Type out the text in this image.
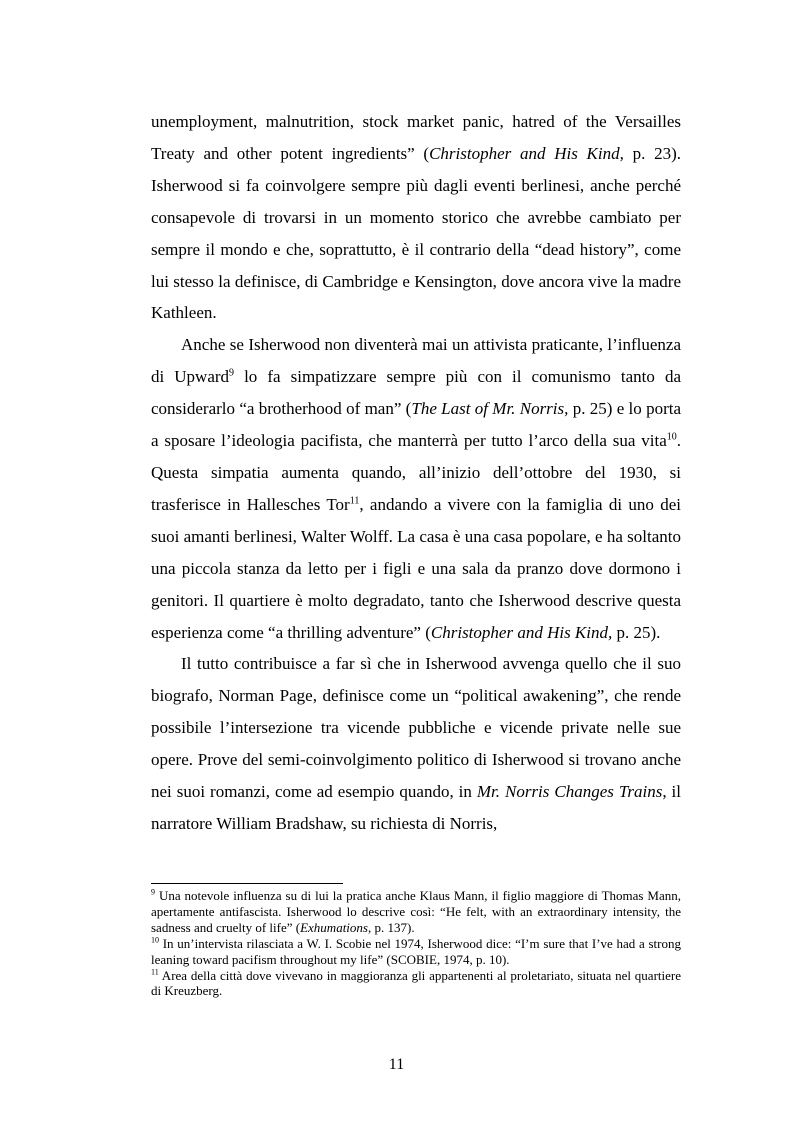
unemployment, malnutrition, stock market panic, hatred of the Versailles Treaty and other potent ingredients” (Christopher and His Kind, p. 23). Isherwood si fa coinvolgere sempre più dagli eventi berlinesi, anche perché consapevole di trovarsi in un momento storico che avrebbe cambiato per sempre il mondo e che, soprattutto, è il contrario della “dead history”, come lui stesso la definisce, di Cambridge e Kensington, dove ancora vive la madre Kathleen.

Anche se Isherwood non diventerà mai un attivista praticante, l’influenza di Upward$^9$ lo fa simpatizzare sempre più con il comunismo tanto da considerarlo “a brotherhood of man” (The Last of Mr. Norris, p. 25) e lo porta a sposare l’ideologia pacifista, che manterrà per tutto l’arco della sua vita$^{10}$. Questa simpatia aumenta quando, all’inizio dell’ottobre del 1930, si trasferisce in Hallesches Tor$^{11}$, andando a vivere con la famiglia di uno dei suoi amanti berlinesi, Walter Wolff. La casa è una casa popolare, e ha soltanto una piccola stanza da letto per i figli e una sala da pranzo dove dormono i genitori. Il quartiere è molto degradato, tanto che Isherwood descrive questa esperienza come “a thrilling adventure” (Christopher and His Kind, p. 25).

Il tutto contribuisce a far sì che in Isherwood avvenga quello che il suo biografo, Norman Page, definisce come un “political awakening”, che rende possibile l’intersezione tra vicende pubbliche e vicende private nelle sue opere. Prove del semi-coinvolgimento politico di Isherwood si trovano anche nei suoi romanzi, come ad esempio quando, in Mr. Norris Changes Trains, il narratore William Bradshaw, su richiesta di Norris,

$^9$ Una notevole influenza su di lui la pratica anche Klaus Mann, il figlio maggiore di Thomas Mann, apertamente antifascista. Isherwood lo descrive così: “He felt, with an extraordinary intensity, the sadness and cruelty of life” (Exhumations, p. 137).

$^{10}$ In un’intervista rilasciata a W. I. Scobie nel 1974, Isherwood dice: “I’m sure that I’ve had a strong leaning toward pacifism throughout my life” (SCOBIE, 1974, p. 10).

$^{11}$ Area della città dove vivevano in maggioranza gli appartenenti al proletariato, situata nel quartiere di Kreuzberg.

11
